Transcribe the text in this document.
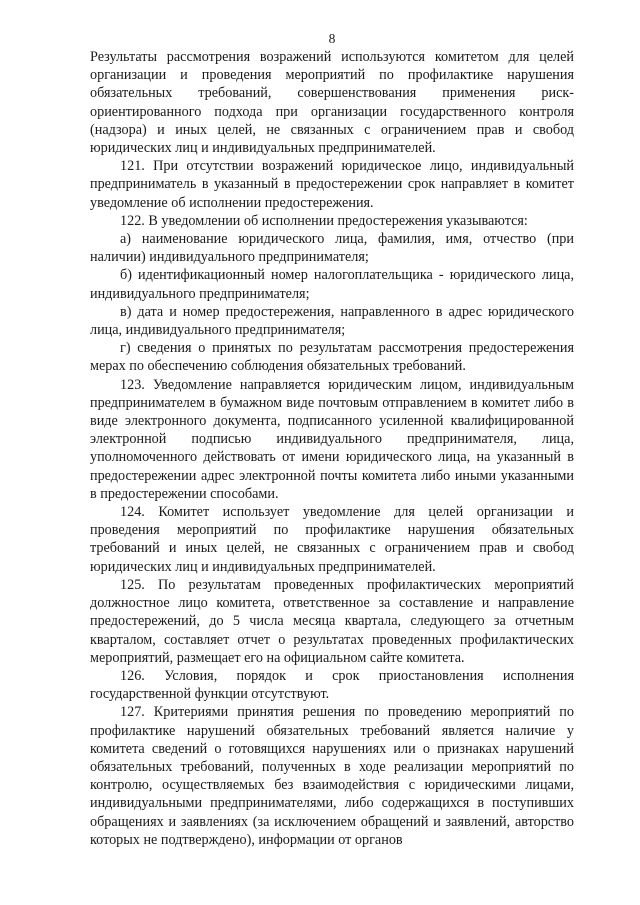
8

Результаты рассмотрения возражений используются комитетом для целей организации и проведения мероприятий по профилактике нарушения обязательных требований, совершенствования применения риск-ориентированного подхода при организации государственного контроля (надзора) и иных целей, не связанных с ограничением прав и свобод юридических лиц и индивидуальных предпринимателей.

121. При отсутствии возражений юридическое лицо, индивидуальный предприниматель в указанный в предостережении срок направляет в комитет уведомление об исполнении предостережения.

122. В уведомлении об исполнении предостережения указываются:

а) наименование юридического лица, фамилия, имя, отчество (при наличии) индивидуального предпринимателя;

б) идентификационный номер налогоплательщика - юридического лица, индивидуального предпринимателя;

в) дата и номер предостережения, направленного в адрес юридического лица, индивидуального предпринимателя;

г) сведения о принятых по результатам рассмотрения предостережения мерах по обеспечению соблюдения обязательных требований.

123. Уведомление направляется юридическим лицом, индивидуальным предпринимателем в бумажном виде почтовым отправлением в комитет либо в виде электронного документа, подписанного усиленной квалифицированной электронной подписью индивидуального предпринимателя, лица, уполномоченного действовать от имени юридического лица, на указанный в предостережении адрес электронной почты комитета либо иными указанными в предостережении способами.

124. Комитет использует уведомление для целей организации и проведения мероприятий по профилактике нарушения обязательных требований и иных целей, не связанных с ограничением прав и свобод юридических лиц и индивидуальных предпринимателей.

125. По результатам проведенных профилактических мероприятий должностное лицо комитета, ответственное за составление и направление предостережений, до 5 числа месяца квартала, следующего за отчетным кварталом, составляет отчет о результатах проведенных профилактических мероприятий, размещает его на официальном сайте комитета.

126. Условия, порядок и срок приостановления исполнения государственной функции отсутствуют.

127. Критериями принятия решения по проведению мероприятий по профилактике нарушений обязательных требований является наличие у комитета сведений о готовящихся нарушениях или о признаках нарушений обязательных требований, полученных в ходе реализации мероприятий по контролю, осуществляемых без взаимодействия с юридическими лицами, индивидуальными предпринимателями, либо содержащихся в поступивших обращениях и заявлениях (за исключением обращений и заявлений, авторство которых не подтверждено), информации от органов
